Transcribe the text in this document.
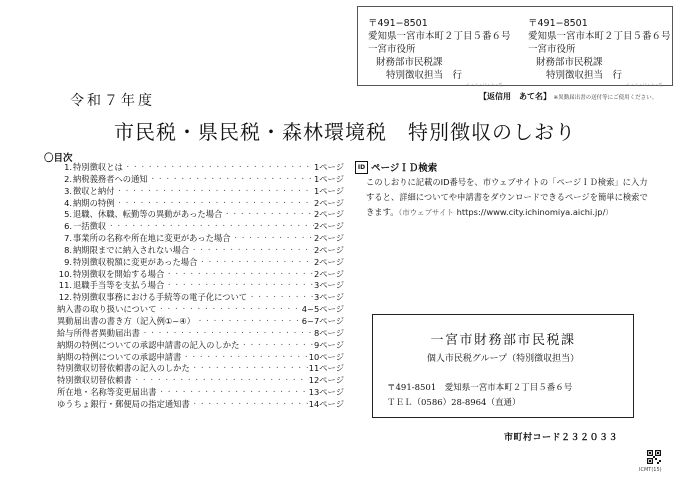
〒491−8501
愛知県一宮市本町２丁目５番６号
一宮市役所
財務部市民税課
特別徴収担当　行
ヘ・ミ・リ・ト・組
〒491−8501
愛知県一宮市本町２丁目５番６号
一宮市役所
財務部市民税課
特別徴収担当　行
ヘ・ミ・リ・ト・組
【返信用　あて名】 ※異動届出書の送付等にご使用ください。
令和７年度
市民税・県民税・森林環境税　特別徴収のしおり
〇目次
1. 特別徴収とは ・・・・・・・・・・・・・・・・・・・・・・・・・・・・・・・・・・・・・・・・・・・・・・・・・・・・・・・・・・・・	1ページ
2. 納税義務者への通知 ・・・・・・・・・・・・・・・・・・・・・・・・・・・・・・・・・・・・・・・・・・・・・・・・・・・・・・・・・・・・	1ページ
3. 徴収と納付 ・・・・・・・・・・・・・・・・・・・・・・・・・・・・・・・・・・・・・・・・・・・・・・・・・・・・・・・・・・・・	1ページ
4. 納期の特例 ・・・・・・・・・・・・・・・・・・・・・・・・・・・・・・・・・・・・・・・・・・・・・・・・・・・・・・・・・・・・	2ページ
5. 退職、休職、転勤等の異動があった場合 ・・・・・・・・・・・・・・・・・・・・・・・・・・・・・・・・・・・・・・・・・・・・・・・・・・・・・・・・・・・・	2ページ
6. 一括徴収 ・・・・・・・・・・・・・・・・・・・・・・・・・・・・・・・・・・・・・・・・・・・・・・・・・・・・・・・・・・・・	2ページ
7. 事業所の名称や所在地に変更があった場合 ・・・・・・・・・・・・・・・・・・・・・・・・・・・・・・・・・・・・・・・・・・・・・・・・・・・・・・・・・・・・	2ページ
8. 納期限までに納入されない場合 ・・・・・・・・・・・・・・・・・・・・・・・・・・・・・・・・・・・・・・・・・・・・・・・・・・・・・・・・・・・・	2ページ
9. 特別徴収税額に変更があった場合 ・・・・・・・・・・・・・・・・・・・・・・・・・・・・・・・・・・・・・・・・・・・・・・・・・・・・・・・・・・・・	2ページ
10. 特別徴収を開始する場合 ・・・・・・・・・・・・・・・・・・・・・・・・・・・・・・・・・・・・・・・・・・・・・・・・・・・・・・・・・・・・	2ページ
11. 退職手当等を支払う場合 ・・・・・・・・・・・・・・・・・・・・・・・・・・・・・・・・・・・・・・・・・・・・・・・・・・・・・・・・・・・・	3ページ
12. 特別徴収事務における手続等の電子化について ・・・・・・・・・・・・・・・・・・・・・・・・・・・・・・・・・・・・・・・・・・・・・・・・・・・・・・・・・・・・	3ページ
納入書の取り扱いについて ・・・・・・・・・・・・・・・・・・・・・・・・・・・・・・・・・・・・・・・・・・・・・・・・・・・・・・・・・・・・	4~5ページ
異動届出書の書き方（記入例①~④） ・・・・・・・・・・・・・・・・・・・・・・・・・・・・・・・・・・・・・・・・・・・・・・・・・・・・・・・・・・・・	6~7ページ
給与所得者異動届出書 ・・・・・・・・・・・・・・・・・・・・・・・・・・・・・・・・・・・・・・・・・・・・・・・・・・・・・・・・・・・・	8ページ
納期の特例についての承認申請書の記入のしかた ・・・・・・・・・・・・・・・・・・・・・・・・・・・・・・・・・・・・・・・・・・・・・・・・・・・・・・・・・・・・	9ページ
納期の特例についての承認申請書 ・・・・・・・・・・・・・・・・・・・・・・・・・・・・・・・・・・・・・・・・・・・・・・・・・・・・・・・・・・・・	10ページ
特別徴収切替依頼書の記入のしかた ・・・・・・・・・・・・・・・・・・・・・・・・・・・・・・・・・・・・・・・・・・・・・・・・・・・・・・・・・・・・	11ページ
特別徴収切替依頼書 ・・・・・・・・・・・・・・・・・・・・・・・・・・・・・・・・・・・・・・・・・・・・・・・・・・・・・・・・・・・・	12ページ
所在地・名称等変更届出書 ・・・・・・・・・・・・・・・・・・・・・・・・・・・・・・・・・・・・・・・・・・・・・・・・・・・・・・・・・・・・	13ページ
ゆうちょ銀行・郵便局の指定通知書 ・・・・・・・・・・・・・・・・・・・・・・・・・・・・・・・・・・・・・・・・・・・・・・・・・・・・・・・・・・・・	14ページ
ID ページＩＤ検索
このしおりに記載のID番号を、市ウェブサイトの「ページＩＤ検索」に入力すると、詳細についてや申請書をダウンロードできるページを簡単に検索できます。（市ウェブサイト https://www.city.ichinomiya.aichi.jp/）
一宮市財務部市民税課
個人市民税グループ（特別徴収担当）
〒491-8501　愛知県一宮市本町２丁目５番６号
ＴＥＬ（0586）28-8964（直通）
市町村コード２３２０３３
ICMT(15)
